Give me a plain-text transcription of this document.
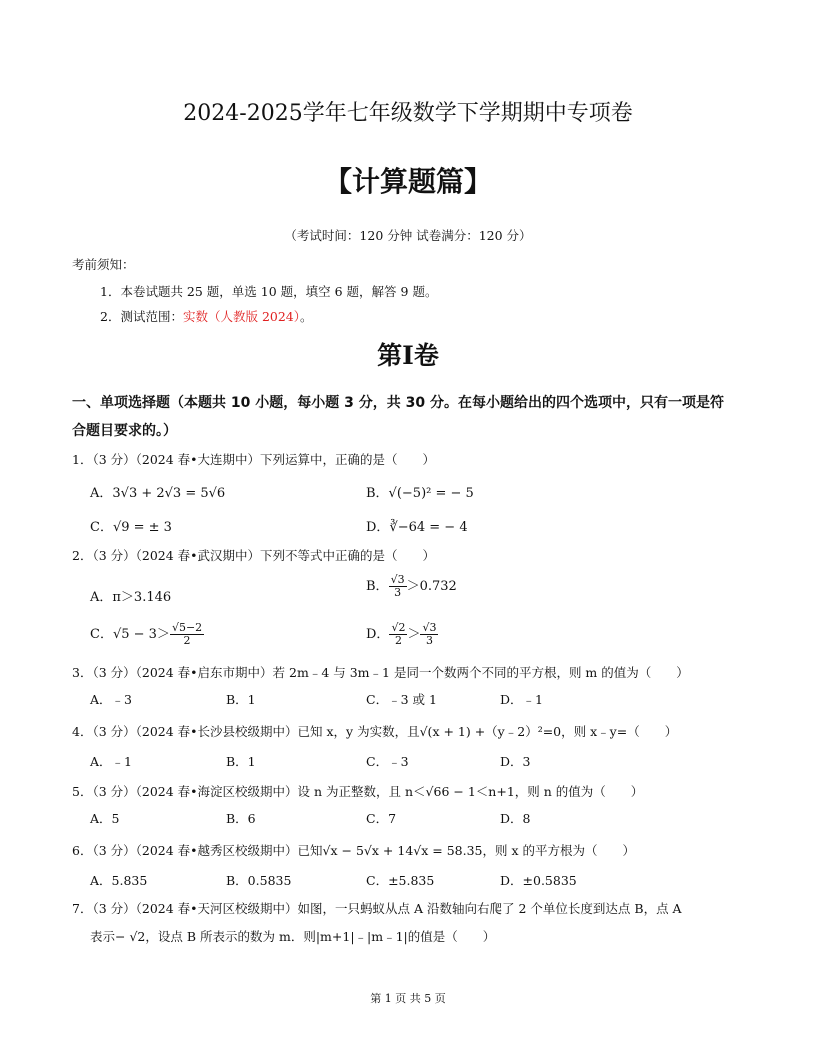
2024-2025学年七年级数学下学期期中专项卷
【计算题篇】
（考试时间：120 分钟 试卷满分：120 分）
考前须知：
1．本卷试题共 25 题，单选 10 题，填空 6 题，解答 9 题。
2．测试范围：实数（人教版 2024）。
第I卷
一、单项选择题（本题共 10 小题，每小题 3 分，共 30 分。在每小题给出的四个选项中，只有一项是符
合题目要求的。）
1．（3 分）（2024 春•大连期中）下列运算中，正确的是（　　）
A．3√3 + 2√3 = 5√6	B．√(−5)² = − 5
C．√9 = ± 3	D．∛−64 = − 4
2．（3 分）（2024 春•武汉期中）下列不等式中正确的是（　　）
A．π＞3.146
B． $\frac{√3}{3} >0.732$
C．$√5 - 3> \frac{√5-2}{2}$	D． $\frac{√2}{2} > \frac{√3}{3}$
3．（3 分）（2024 春•启东市期中）若 2m﹣4 与 3m﹣1 是同一个数两个不同的平方根，则 m 的值为（　　）
A．﹣3	B．1	C．﹣3 或 1	D．﹣1
4．（3 分）（2024 春•长沙县校级期中）已知 x，y 为实数，且√(x + 1) +（y﹣2）²=0，则 x﹣y=（　　）
A．﹣1	B．1	C．﹣3	D．3
5．（3 分）（2024 春•海淀区校级期中）设 n 为正整数，且 n＜√66 − 1＜n+1，则 n 的值为（　　）
A．5	B．6	C．7	D．8
6．（3 分）（2024 春•越秀区校级期中）已知√x − 5√x + 14√x = 58.35，则 x 的平方根为（　　）
A．5.835	B．0.5835	C．±5.835	D．±0.5835
7．（3 分）（2024 春•天河区校级期中）如图，一只蚂蚁从点 A 沿数轴向右爬了 2 个单位长度到达点 B，点 A
表示− √2，设点 B 所表示的数为 m．则|m+1|﹣|m﹣1|的值是（　　）
第 1 页 共 5 页
